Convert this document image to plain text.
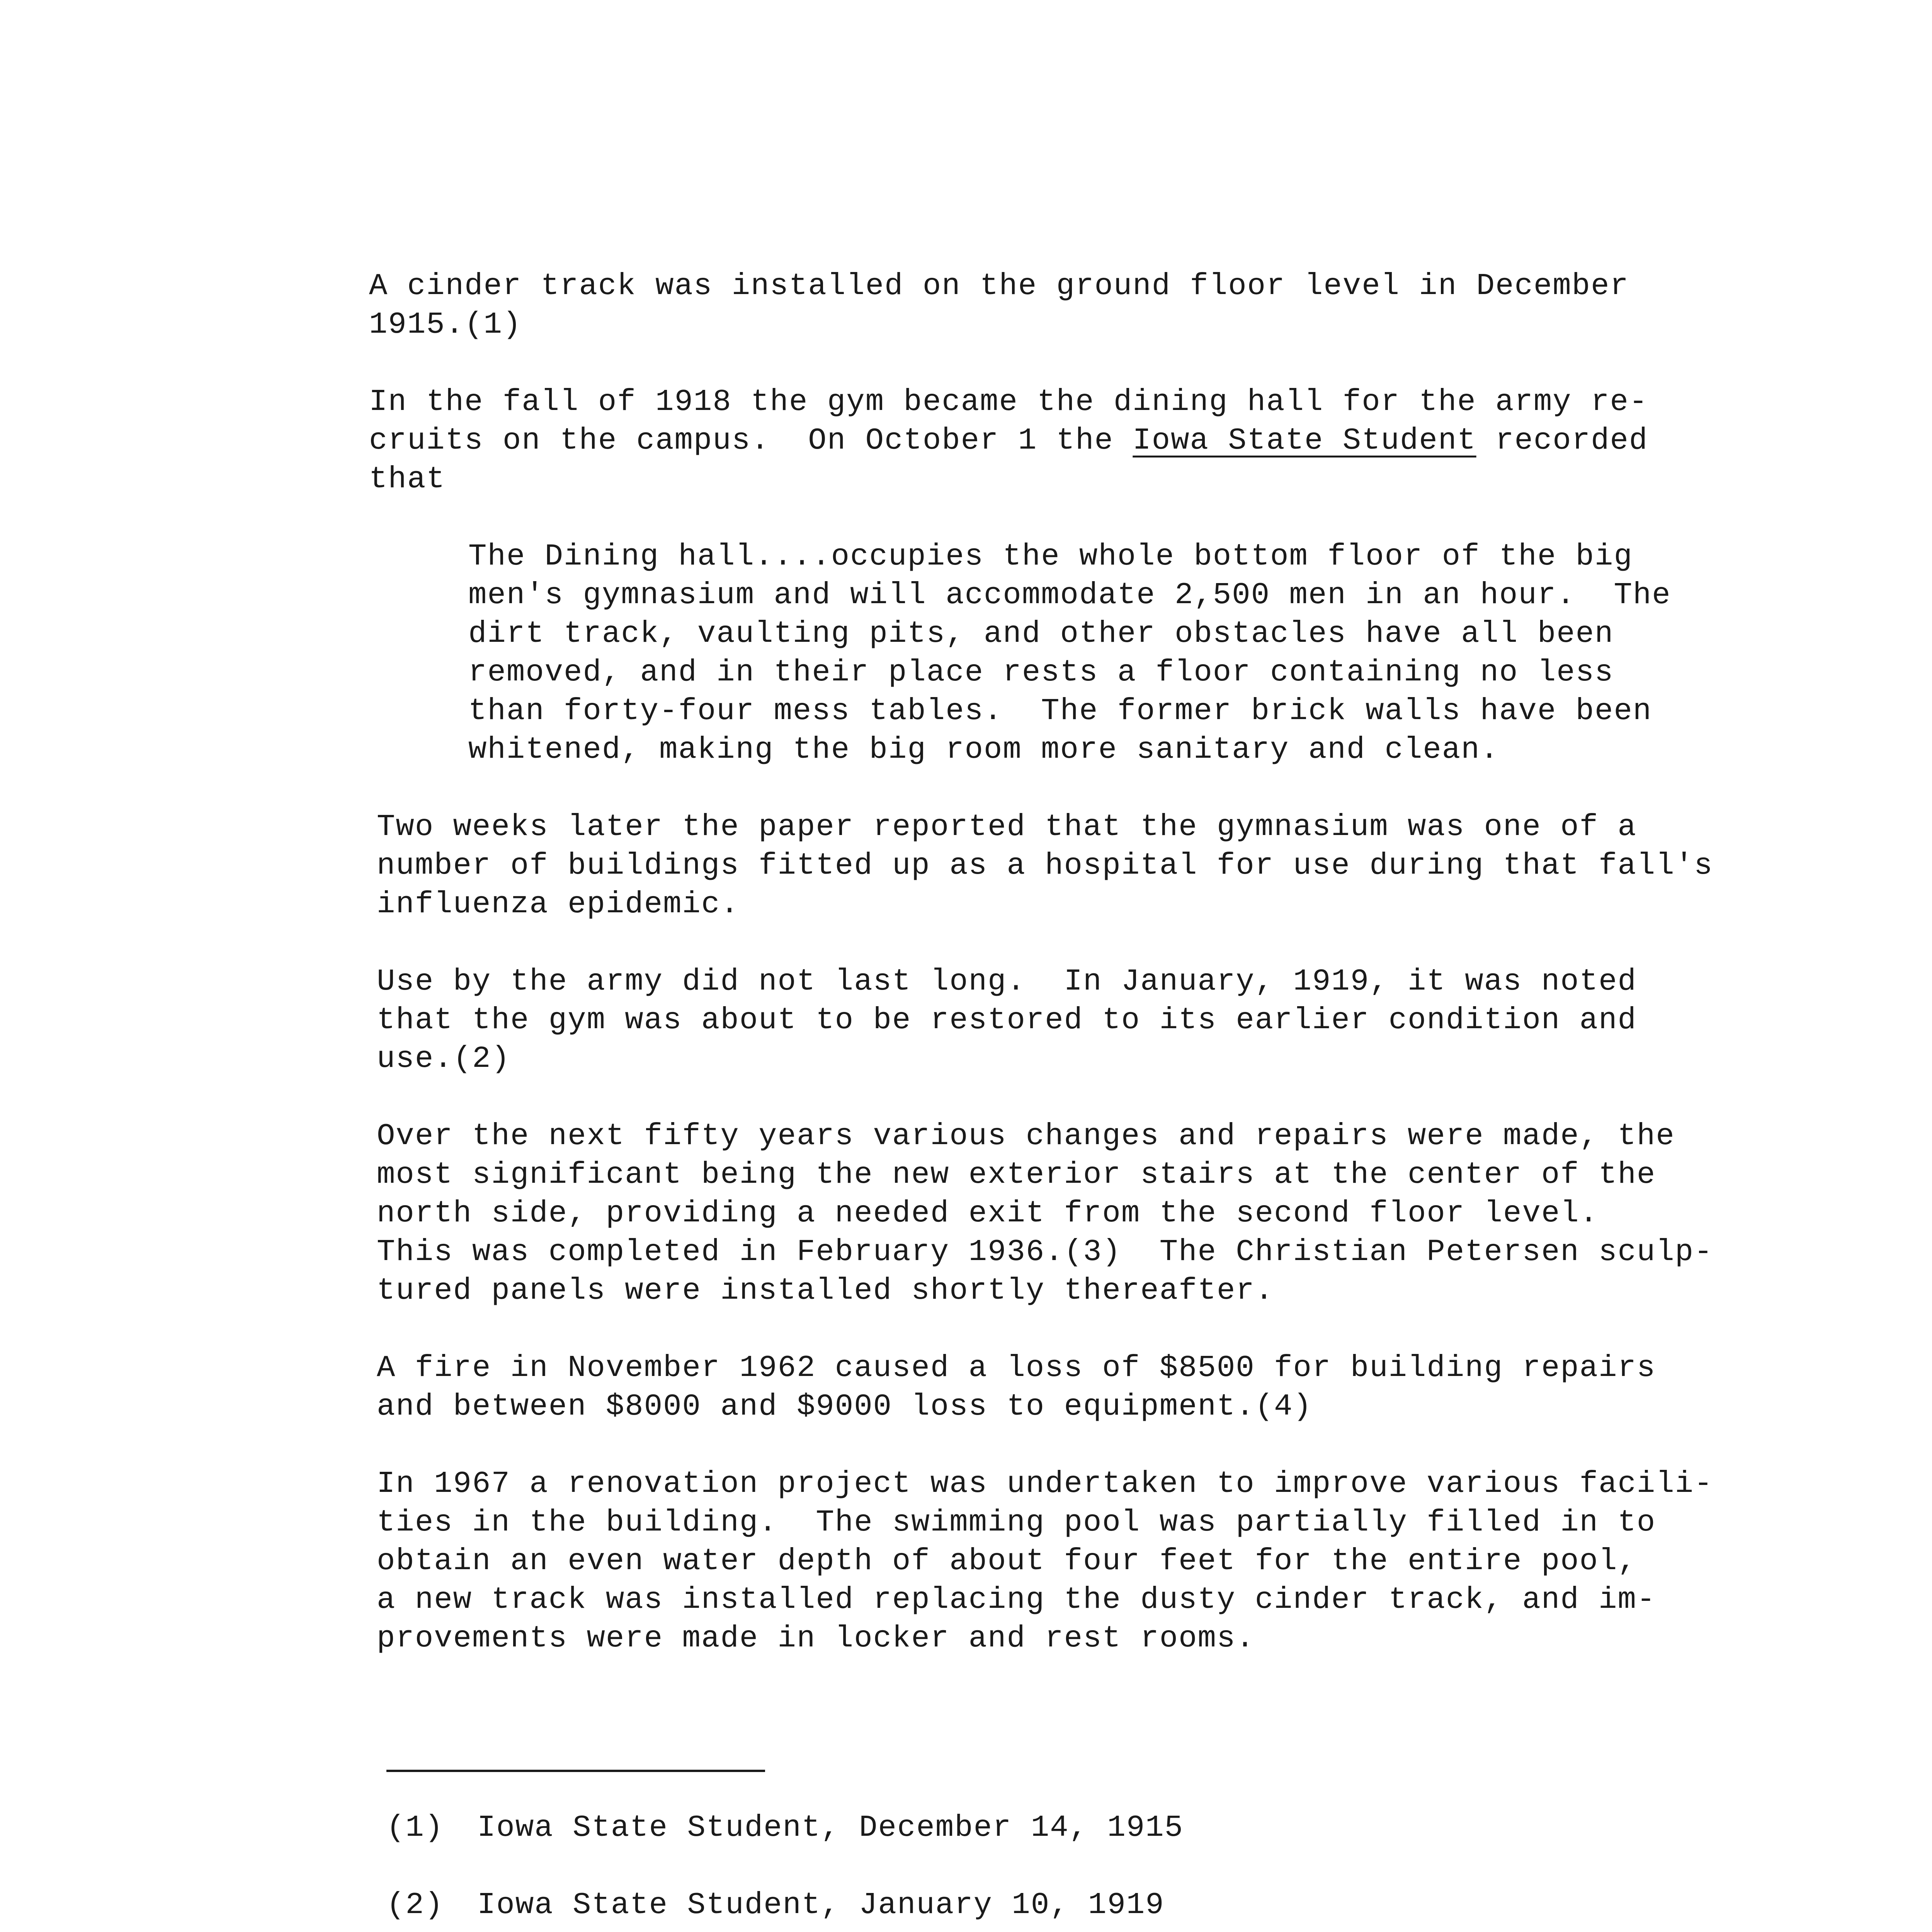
A cinder track was installed on the ground floor level in December
1915.(1)
In the fall of 1918 the gym became the dining hall for the army re-
cruits on the campus.  On October 1 the Iowa State Student recorded
that
The Dining hall....occupies the whole bottom floor of the big
men's gymnasium and will accommodate 2,500 men in an hour.  The
dirt track, vaulting pits, and other obstacles have all been
removed, and in their place rests a floor containing no less
than forty-four mess tables.  The former brick walls have been
whitened, making the big room more sanitary and clean.
Two weeks later the paper reported that the gymnasium was one of a
number of buildings fitted up as a hospital for use during that fall's
influenza epidemic.
Use by the army did not last long.  In January, 1919, it was noted
that the gym was about to be restored to its earlier condition and
use.(2)
Over the next fifty years various changes and repairs were made, the
most significant being the new exterior stairs at the center of the
north side, providing a needed exit from the second floor level.
This was completed in February 1936.(3)  The Christian Petersen sculp-
tured panels were installed shortly thereafter.
A fire in November 1962 caused a loss of $8500 for building repairs
and between $8000 and $9000 loss to equipment.(4)
In 1967 a renovation project was undertaken to improve various facili-
ties in the building.  The swimming pool was partially filled in to
obtain an even water depth of about four feet for the entire pool,
a new track was installed replacing the dusty cinder track, and im-
provements were made in locker and rest rooms.
(1) Iowa State Student, December 14, 1915
(2) Iowa State Student, January 10, 1919
